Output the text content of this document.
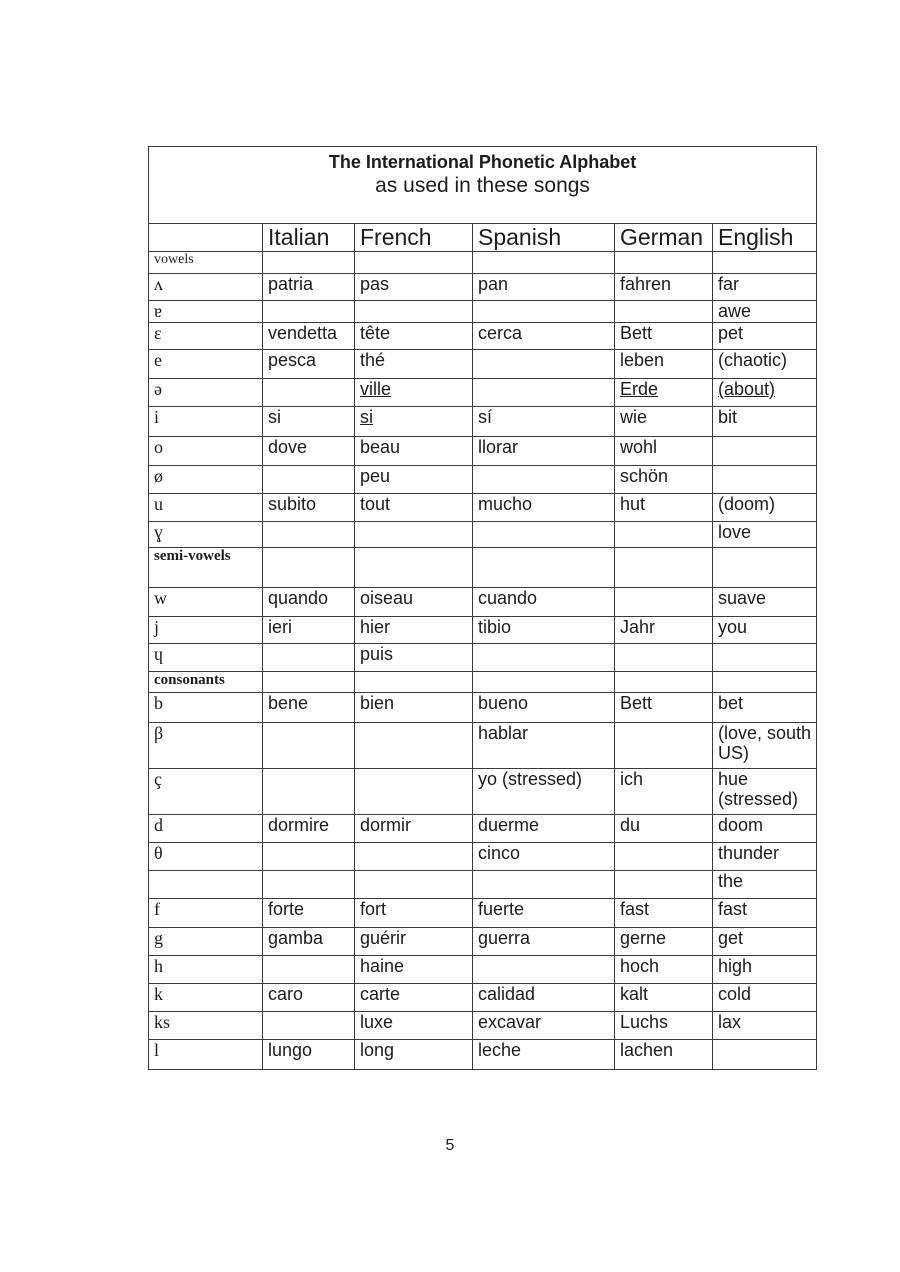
The International Phonetic Alphabet
as used in these songs					

	Italian	French	Spanish	German	English
vowels					
ʌ	patria	pas	pan	fahren	far
ɐ					awe
ɛ	vendetta	tête	cerca	Bett	pet
e	pesca	thé		leben	(chaotic)
ə		ville		Erde	(about)
i	si	si	sí	wie	bit
o	dove	beau	llorar	wohl	
ø		peu		schön	
u	subito	tout	mucho	hut	(doom)
ɣ					love
semi-vowels					
w	quando	oiseau	cuando		suave
j	ieri	hier	tibio	Jahr	you
ɥ		puis			
consonants					
b	bene	bien	bueno	Bett	bet
β			hablar		(love, south US)
ç			yo (stressed)	ich	hue (stressed)
d	dormire	dormir	duerme	du	doom
θ			cinco		thunder
					the
f	forte	fort	fuerte	fast	fast
g	gamba	guérir	guerra	gerne	get
h		haine		hoch	high
k	caro	carte	calidad	kalt	cold
ks		luxe	excavar	Luchs	lax
l	lungo	long	leche	lachen	
5
